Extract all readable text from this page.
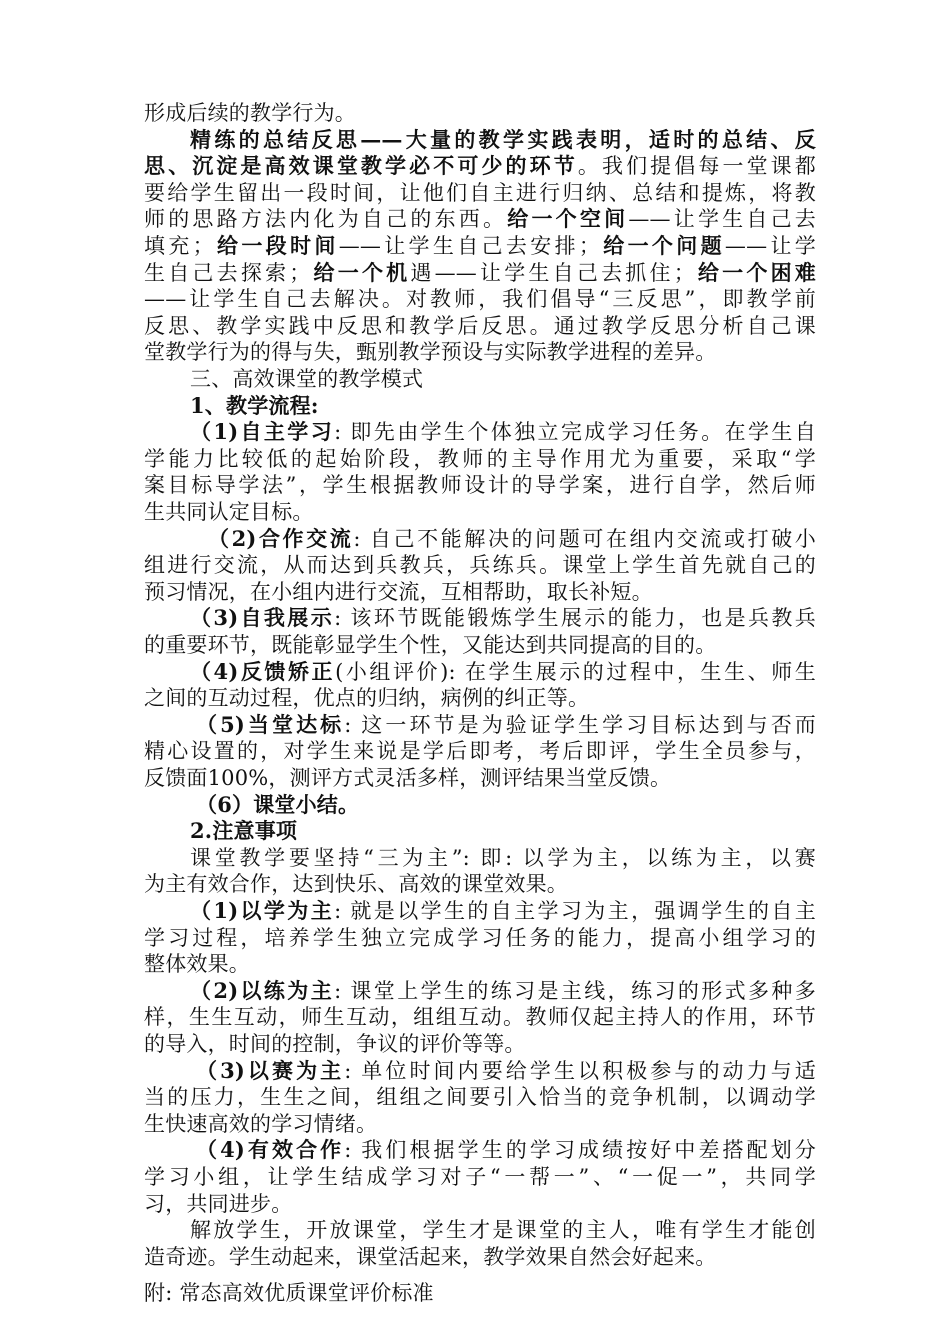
形成后续的教学行为。
精练的总结反思——大量的教学实践表明，适时的总结、反
思、沉淀是高效课堂教学必不可少的环节。我们提倡每一堂课都
要给学生留出一段时间，让他们自主进行归纳、总结和提炼，将教
师的思路方法内化为自己的东西。给一个空间——让学生自己去
填充；给一段时间——让学生自己去安排；给一个问题——让学
生自己去探索；给一个机遇——让学生自己去抓住；给一个困难
——让学生自己去解决。对教师，我们倡导“三反思”，即教学前
反思、教学实践中反思和教学后反思。通过教学反思分析自己课
堂教学行为的得与失，甄别教学预设与实际教学进程的差异。
三、高效课堂的教学模式
1、教学流程:
（1)自主学习: 即先由学生个体独立完成学习任务。在学生自
学能力比较低的起始阶段，教师的主导作用尤为重要，采取“学
案目标导学法”，学生根据教师设计的导学案，进行自学，然后师
生共同认定目标。
（2)合作交流: 自己不能解决的问题可在组内交流或打破小
组进行交流，从而达到兵教兵，兵练兵。课堂上学生首先就自己的
预习情况，在小组内进行交流，互相帮助，取长补短。
（3)自我展示: 该环节既能锻炼学生展示的能力，也是兵教兵
的重要环节，既能彰显学生个性，又能达到共同提高的目的。
（4)反馈矫正(小组评价): 在学生展示的过程中，生生、师生
之间的互动过程，优点的归纳，病例的纠正等。
（5)当堂达标: 这一环节是为验证学生学习目标达到与否而
精心设置的，对学生来说是学后即考，考后即评，学生全员参与，
反馈面100%，测评方式灵活多样，测评结果当堂反馈。
（6）课堂小结。
2.注意事项
课堂教学要坚持“三为主”: 即: 以学为主，以练为主，以赛
为主有效合作，达到快乐、高效的课堂效果。
（1)以学为主: 就是以学生的自主学习为主，强调学生的自主
学习过程，培养学生独立完成学习任务的能力，提高小组学习的
整体效果。
（2)以练为主: 课堂上学生的练习是主线，练习的形式多种多
样，生生互动，师生互动，组组互动。教师仅起主持人的作用，环节
的导入，时间的控制，争议的评价等等。
（3)以赛为主: 单位时间内要给学生以积极参与的动力与适
当的压力，生生之间，组组之间要引入恰当的竞争机制，以调动学
生快速高效的学习情绪。
（4)有效合作: 我们根据学生的学习成绩按好中差搭配划分
学习小组，让学生结成学习对子“一帮一”、“一促一”，共同学
习，共同进步。
解放学生，开放课堂，学生才是课堂的主人，唯有学生才能创
造奇迹。学生动起来，课堂活起来，教学效果自然会好起来。
附: 常态高效优质课堂评价标准
